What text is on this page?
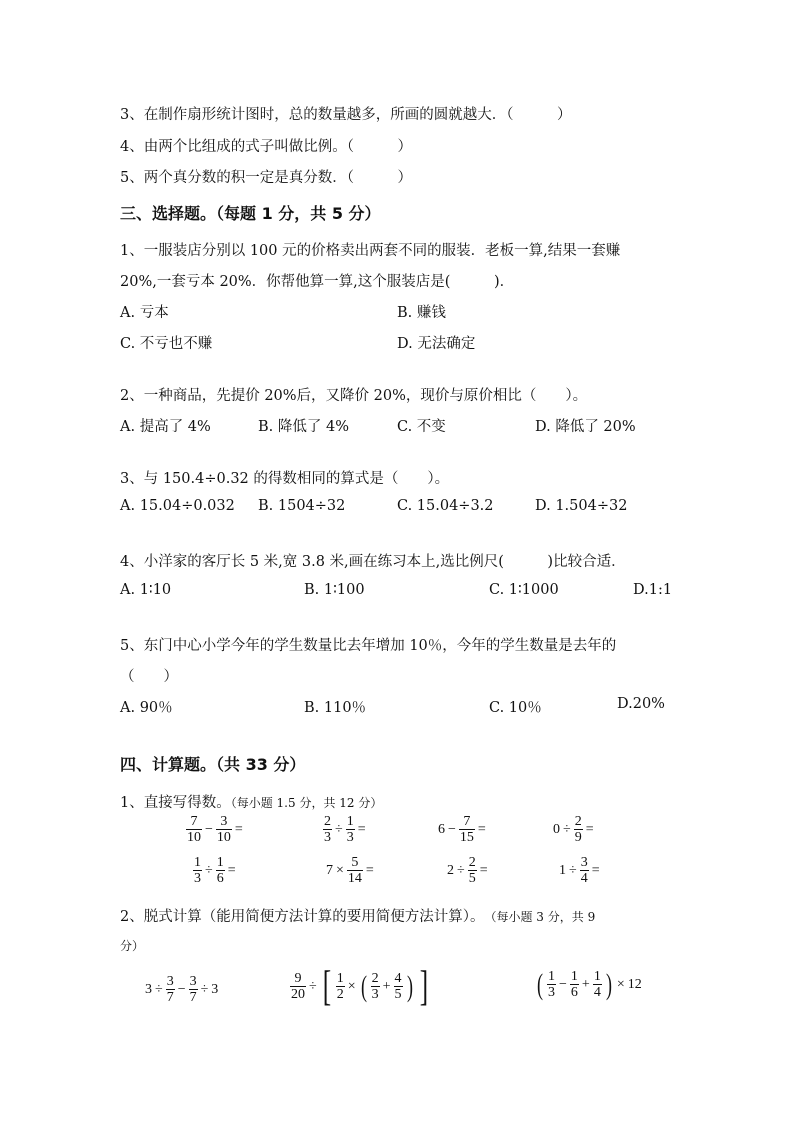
3、在制作扇形统计图时，总的数量越多，所画的圆就越大．（　　　）
4、由两个比组成的式子叫做比例。（　　　）
5、两个真分数的积一定是真分数．（　　　）
三、选择题。（每题 1 分，共 5 分）
1、一服装店分别以 100 元的价格卖出两套不同的服装．老板一算,结果一套赚
20%,一套亏本 20%．你帮他算一算,这个服装店是(　　　)．
A. 亏本	B. 赚钱
C. 不亏也不赚	D. 无法确定
2、一种商品，先提价 20%后，又降价 20%，现价与原价相比（　　）。
A. 提高了 4%	B. 降低了 4%	C. 不变	D. 降低了 20%
3、与 150.4÷0.32 的得数相同的算式是（　　）。
A. 15.04÷0.032 B. 1504÷32	C. 15.04÷3.2	D. 1.504÷32
4、小洋家的客厅长 5 米,宽 3.8 米,画在练习本上,选比例尺(　　　)比较合适．
A. 1∶10	B. 1∶100	C. 1∶1000	D.1:1
5、东门中心小学今年的学生数量比去年增加 10％，今年的学生数量是去年的
（　　）
A. 90％	B. 110％	C. 10％	D.20%
四、计算题。（共 33 分）
1、直接写得数。（每小题 1.5 分，共 12 分）
$\frac{7}{10} - \frac{3}{10}$ =	$\frac{2}{3} \div \frac{1}{3}$ =	$6 - \frac{7}{15}$ =	$0 \div \frac{2}{9}$ =
$\frac{1}{3} \div \frac{1}{6}$ =	$7 \times \frac{5}{14}$ =	$2 \div \frac{2}{5}$ =	$1 \div \frac{3}{4}$ =
2、脱式计算（能用简便方法计算的要用简便方法计算）。 （每小题 3 分，共 9
分）
$3 \div \frac{3}{7} - \frac{3}{7} \div 3$	$\frac{9}{20}$ ÷ [ $\frac{1}{2}$ × ( $\frac{2}{3} + \frac{4}{5}$ ) ]	( $\frac{1}{3} - \frac{1}{6} + \frac{1}{4}$ ) × 12
